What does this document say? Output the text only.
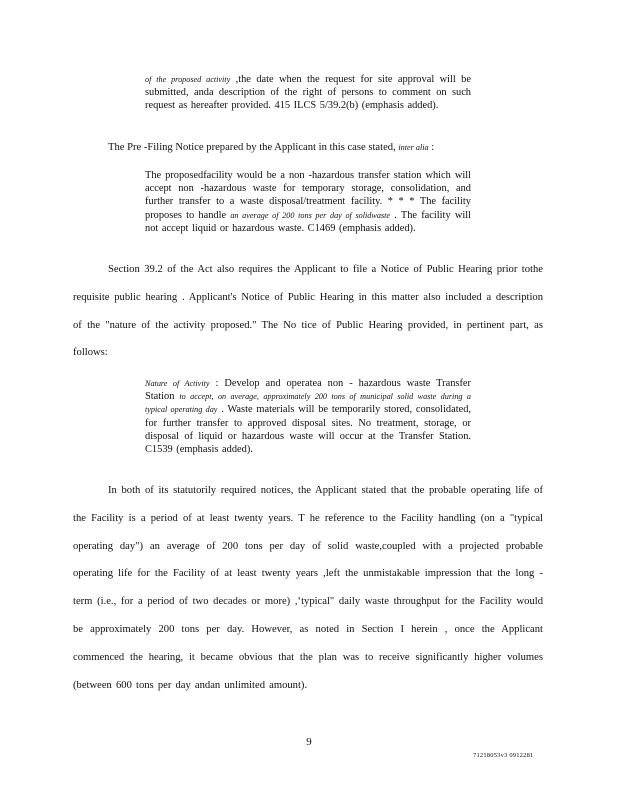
of the proposed activity ,the date when the request for site approval will be submitted, anda description of the right of persons to comment on such request as hereafter provided. 415 ILCS 5/39.2(b) (emphasis added).
The Pre -Filing Notice prepared by the Applicant in this case stated, inter alia :
The proposedfacility would be a non -hazardous transfer station which will accept non -hazardous waste for temporary storage, consolidation, and further transfer to a waste disposal/treatment facility. * * * The facility proposes to handle an average of 200 tons per day of solidwaste . The facility will not accept liquid or hazardous waste. C1469 (emphasis added).
Section 39.2 of the Act also requires the Applicant to file a Notice of Public Hearing prior tothe requisite public hearing . Applicant's Notice of Public Hearing in this matter also included a description of the "nature of the activity proposed." The No tice of Public Hearing provided, in pertinent part, as follows:
Nature of Activity : Develop and operatea non - hazardous waste Transfer Station to accept, on average, approximately 200 tons of municipal solid waste during a typical operating day . Waste materials will be temporarily stored, consolidated, for further transfer to approved disposal sites. No treatment, storage, or disposal of liquid or hazardous waste will occur at the Transfer Station. C1539 (emphasis added).
In both of its statutorily required notices, the Applicant stated that the probable operating life of the Facility is a period of at least twenty years. T he reference to the Facility handling (on a "typical operating day") an average of 200 tons per day of solid waste,coupled with a projected probable operating life for the Facility of at least twenty years ,left the unmistakable impression that the long -term (i.e., for a period of two decades or more) ,‘typical" daily waste throughput for the Facility would be approximately 200 tons per day. However, as noted in Section I herein , once the Applicant commenced the hearing, it became obvious that the plan was to receive significantly higher volumes (between 600 tons per day andan unlimited amount).
9
71218053v3 0912281
